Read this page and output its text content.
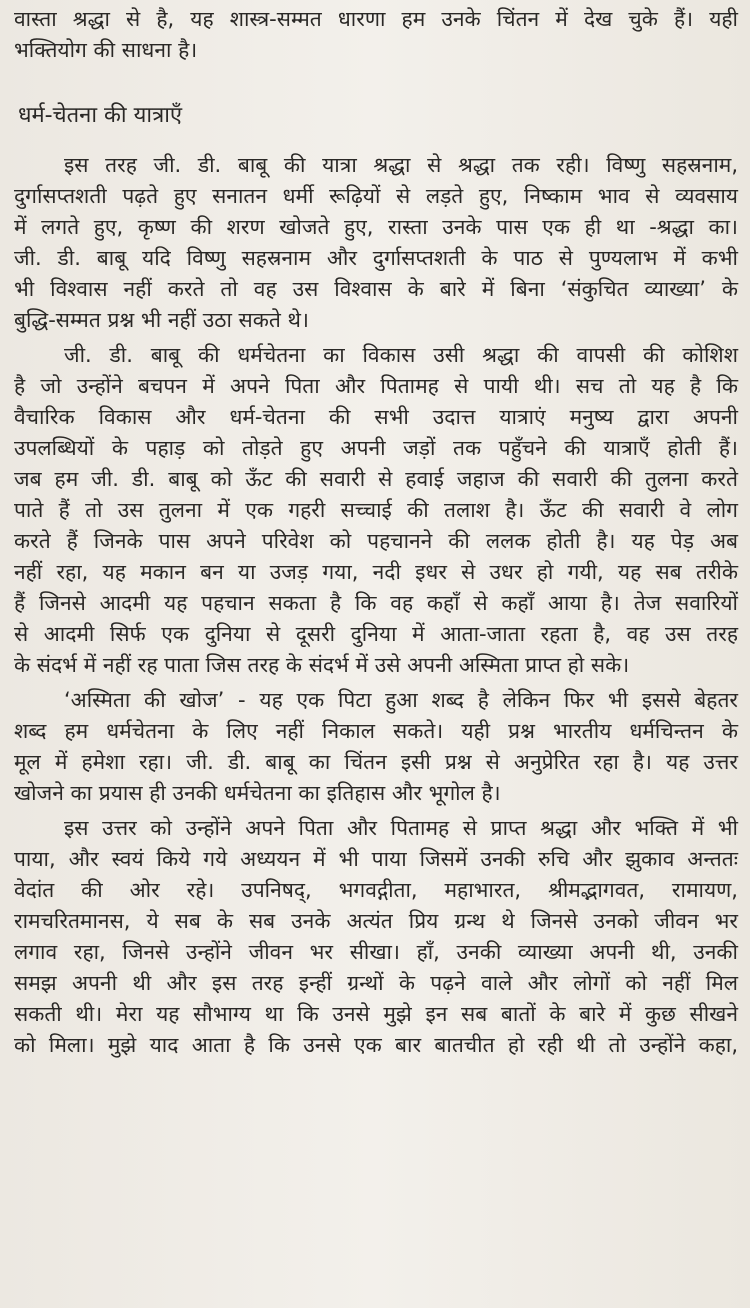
वास्ता श्रद्धा से है, यह शास्त्र-सम्मत धारणा हम उनके चिंतन में देख चुके हैं। यही
भक्तियोग की साधना है।
धर्म-चेतना की यात्राएँ
इस तरह जी. डी. बाबू की यात्रा श्रद्धा से श्रद्धा तक रही। विष्णु सहस्रनाम,
दुर्गासप्तशती पढ़ते हुए सनातन धर्मी रूढ़ियों से लड़ते हुए, निष्काम भाव से व्यवसाय
में लगते हुए, कृष्ण की शरण खोजते हुए, रास्ता उनके पास एक ही था -श्रद्धा का।
जी. डी. बाबू यदि विष्णु सहस्रनाम और दुर्गासप्तशती के पाठ से पुण्यलाभ में कभी
भी विश्वास नहीं करते तो वह उस विश्वास के बारे में बिना ‘संकुचित व्याख्या’ के
बुद्धि-सम्मत प्रश्न भी नहीं उठा सकते थे।
जी. डी. बाबू की धर्मचेतना का विकास उसी श्रद्धा की वापसी की कोशिश
है जो उन्होंने बचपन में अपने पिता और पितामह से पायी थी। सच तो यह है कि
वैचारिक विकास और धर्म-चेतना की सभी उदात्त यात्राएं मनुष्य द्वारा अपनी
उपलब्धियों के पहाड़ को तोड़ते हुए अपनी जड़ों तक पहुँचने की यात्राएँ होती हैं।
जब हम जी. डी. बाबू को ऊँट की सवारी से हवाई जहाज की सवारी की तुलना करते
पाते हैं तो उस तुलना में एक गहरी सच्चाई की तलाश है। ऊँट की सवारी वे लोग
करते हैं जिनके पास अपने परिवेश को पहचानने की ललक होती है। यह पेड़ अब
नहीं रहा, यह मकान बन या उजड़ गया, नदी इधर से उधर हो गयी, यह सब तरीके
हैं जिनसे आदमी यह पहचान सकता है कि वह कहाँ से कहाँ आया है। तेज सवारियों
से आदमी सिर्फ एक दुनिया से दूसरी दुनिया में आता-जाता रहता है, वह उस तरह
के संदर्भ में नहीं रह पाता जिस तरह के संदर्भ में उसे अपनी अस्मिता प्राप्त हो सके।
‘अस्मिता की खोज’ - यह एक पिटा हुआ शब्द है लेकिन फिर भी इससे बेहतर
शब्द हम धर्मचेतना के लिए नहीं निकाल सकते। यही प्रश्न भारतीय धर्मचिन्तन के
मूल में हमेशा रहा। जी. डी. बाबू का चिंतन इसी प्रश्न से अनुप्रेरित रहा है। यह उत्तर
खोजने का प्रयास ही उनकी धर्मचेतना का इतिहास और भूगोल है।
इस उत्तर को उन्होंने अपने पिता और पितामह से प्राप्त श्रद्धा और भक्ति में भी
पाया, और स्वयं किये गये अध्ययन में भी पाया जिसमें उनकी रुचि और झुकाव अन्ततः
वेदांत की ओर रहे। उपनिषद्, भगवद्गीता, महाभारत, श्रीमद्भागवत, रामायण,
रामचरितमानस, ये सब के सब उनके अत्यंत प्रिय ग्रन्थ थे जिनसे उनको जीवन भर
लगाव रहा, जिनसे उन्होंने जीवन भर सीखा। हाँ, उनकी व्याख्या अपनी थी, उनकी
समझ अपनी थी और इस तरह इन्हीं ग्रन्थों के पढ़ने वाले और लोगों को नहीं मिल
सकती थी। मेरा यह सौभाग्य था कि उनसे मुझे इन सब बातों के बारे में कुछ सीखने
को मिला। मुझे याद आता है कि उनसे एक बार बातचीत हो रही थी तो उन्होंने कहा,
